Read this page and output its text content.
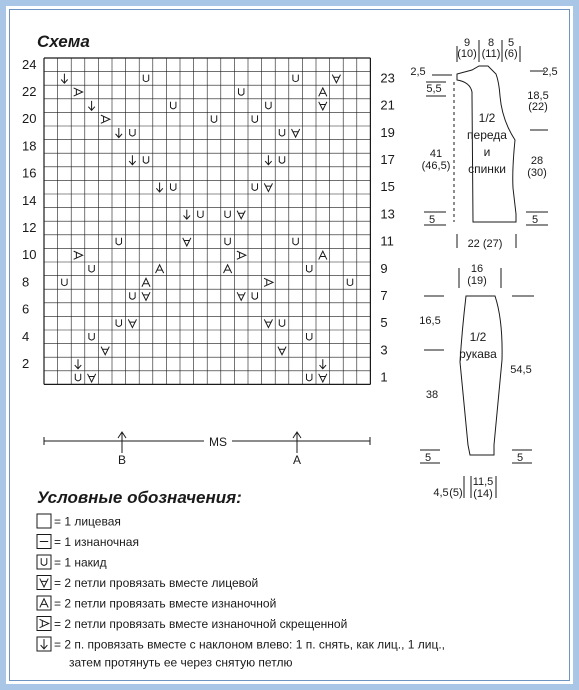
Схема
24
22
20
18
16
14
12
10
8
6
4
2
23
21
19
17
15
13
11
9
7
5
3
1
MS
B	A
9
(10)
8
(11)
5
(6)
2,5
5,5
2,5
18,5
(22)
41
(46,5)	28
(30)
5	5
22 (27)
1/2
переда
и
спинки
16
(19)
16,5
38
54,5
5	5
4,5 (5)
11,5
(14)
1/2
рукава
Условные обозначения:
= 1 лицевая
= 1 изнаночная
= 1 накид
= 2 петли провязать вместе лицевой
= 2 петли провязать вместе изнаночной
= 2 петли провязать вместе изнаночной скрещенной
= 2 п. провязать вместе с наклоном влево: 1 п. снять, как лиц., 1 лиц.,
затем протянуть ее через снятую петлю
